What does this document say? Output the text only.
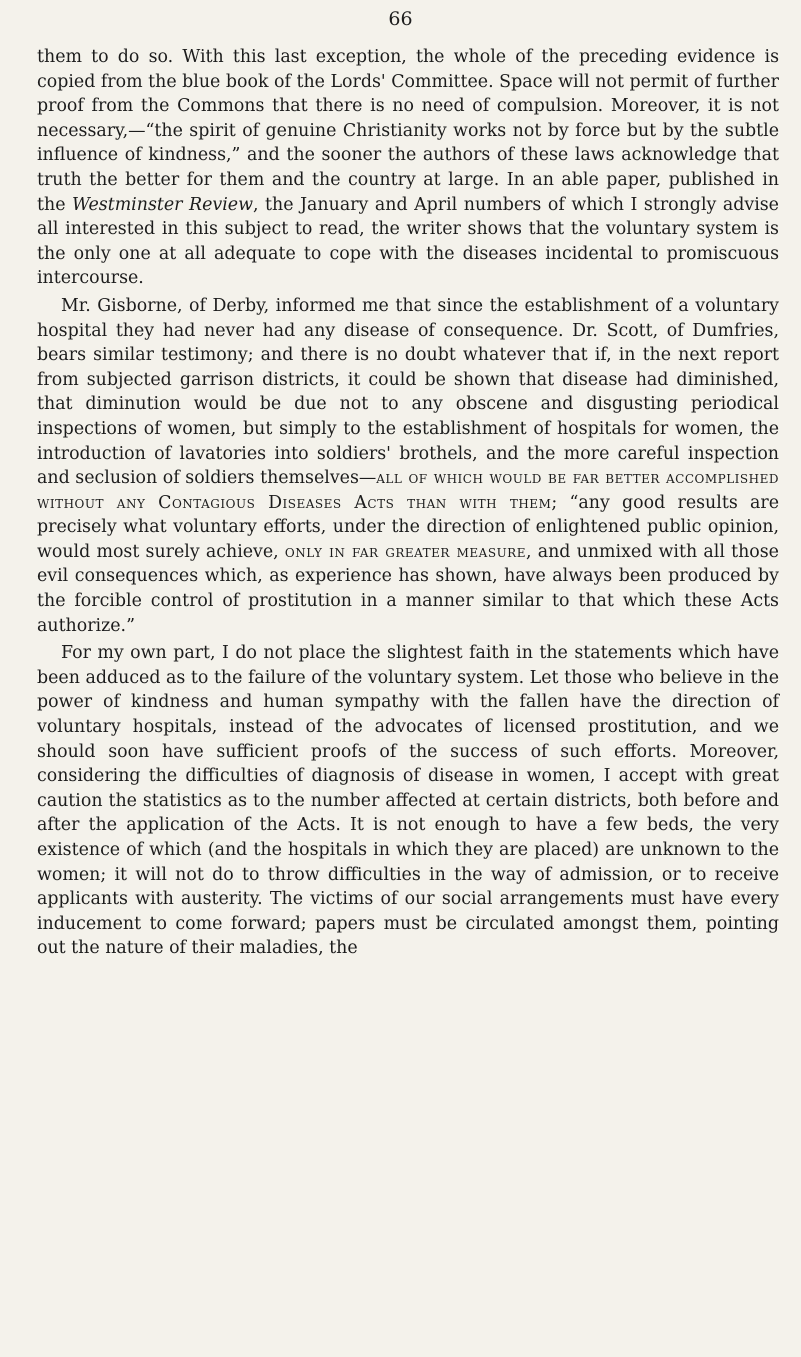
66

them to do so. With this last exception, the whole of the preceding evidence is copied from the blue book of the Lords' Committee. Space will not permit of further proof from the Commons that there is no need of compulsion. Moreover, it is not necessary,—“the spirit of genuine Christianity works not by force but by the subtle influence of kindness,” and the sooner the authors of these laws acknowledge that truth the better for them and the country at large. In an able paper, published in the Westminster Review, the January and April numbers of which I strongly advise all interested in this subject to read, the writer shows that the voluntary system is the only one at all adequate to cope with the diseases incidental to promiscuous intercourse.

Mr. Gisborne, of Derby, informed me that since the establishment of a voluntary hospital they had never had any disease of consequence. Dr. Scott, of Dumfries, bears similar testimony; and there is no doubt whatever that if, in the next report from subjected garrison districts, it could be shown that disease had diminished, that diminution would be due not to any obscene and disgusting periodical inspections of women, but simply to the establishment of hospitals for women, the introduction of lavatories into soldiers' brothels, and the more careful inspection and seclusion of soldiers themselves—all of which would be far better accomplished without any Contagious Diseases Acts than with them; “any good results are precisely what voluntary efforts, under the direction of enlightened public opinion, would most surely achieve, only in far greater measure, and unmixed with all those evil consequences which, as experience has shown, have always been produced by the forcible control of prostitution in a manner similar to that which these Acts authorize.”

For my own part, I do not place the slightest faith in the statements which have been adduced as to the failure of the voluntary system. Let those who believe in the power of kindness and human sympathy with the fallen have the direction of voluntary hospitals, instead of the advocates of licensed prostitution, and we should soon have sufficient proofs of the success of such efforts. Moreover, considering the difficulties of diagnosis of disease in women, I accept with great caution the statistics as to the number affected at certain districts, both before and after the application of the Acts. It is not enough to have a few beds, the very existence of which (and the hospitals in which they are placed) are unknown to the women; it will not do to throw difficulties in the way of admission, or to receive applicants with austerity. The victims of our social arrangements must have every inducement to come forward; papers must be circulated amongst them, pointing out the nature of their maladies, the
